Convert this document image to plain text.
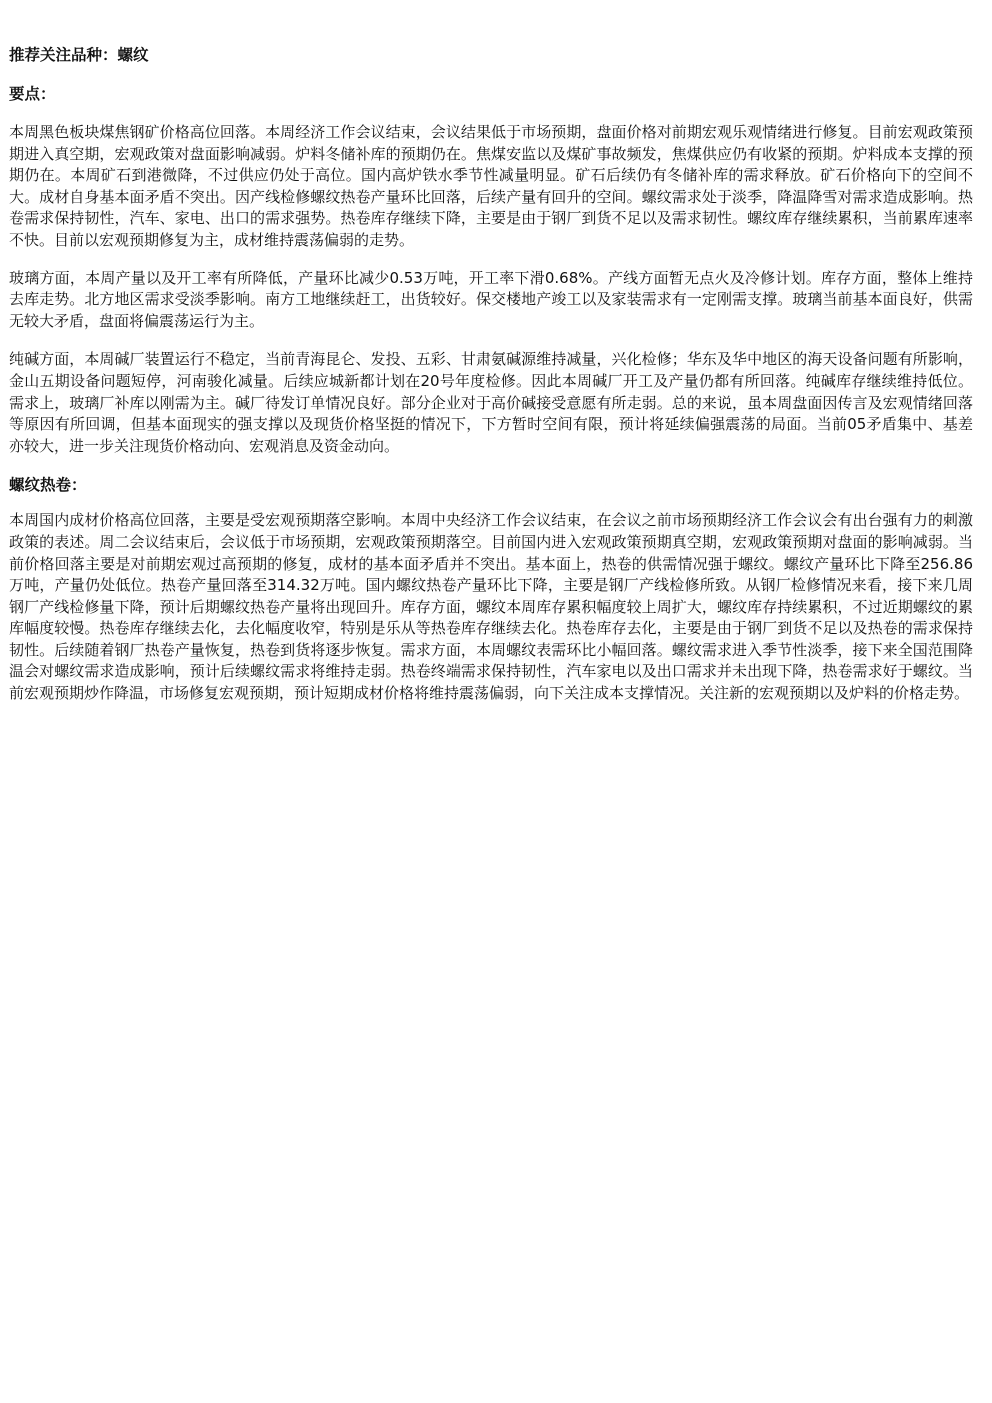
推荐关注品种：螺纹
要点：

本周黑色板块煤焦钢矿价格高位回落。本周经济工作会议结束，会议结果低于市场预期，盘面价格对前期宏观乐观情绪进行修复。目前宏观政策预期进入真空期，宏观政策对盘面影响减弱。炉料冬储补库的预期仍在。焦煤安监以及煤矿事故频发，焦煤供应仍有收紧的预期。炉料成本支撑的预期仍在。本周矿石到港微降，不过供应仍处于高位。国内高炉铁水季节性减量明显。矿石后续仍有冬储补库的需求释放。矿石价格向下的空间不大。成材自身基本面矛盾不突出。因产线检修螺纹热卷产量环比回落，后续产量有回升的空间。螺纹需求处于淡季，降温降雪对需求造成影响。热卷需求保持韧性，汽车、家电、出口的需求强势。热卷库存继续下降，主要是由于钢厂到货不足以及需求韧性。螺纹库存继续累积，当前累库速率不快。目前以宏观预期修复为主，成材维持震荡偏弱的走势。

玻璃方面，本周产量以及开工率有所降低，产量环比减少0.53万吨，开工率下滑0.68%。产线方面暂无点火及冷修计划。库存方面，整体上维持去库走势。北方地区需求受淡季影响。南方工地继续赶工，出货较好。保交楼地产竣工以及家装需求有一定刚需支撑。玻璃当前基本面良好，供需无较大矛盾，盘面将偏震荡运行为主。

纯碱方面，本周碱厂装置运行不稳定，当前青海昆仑、发投、五彩、甘肃氨碱源维持减量，兴化检修；华东及华中地区的海天设备问题有所影响，金山五期设备问题短停，河南骏化减量。后续应城新都计划在20号年度检修。因此本周碱厂开工及产量仍都有所回落。纯碱库存继续维持低位。需求上，玻璃厂补库以刚需为主。碱厂待发订单情况良好。部分企业对于高价碱接受意愿有所走弱。总的来说，虽本周盘面因传言及宏观情绪回落等原因有所回调，但基本面现实的强支撑以及现货价格坚挺的情况下，下方暂时空间有限，预计将延续偏强震荡的局面。当前05矛盾集中、基差亦较大，进一步关注现货价格动向、宏观消息及资金动向。

螺纹热卷：

本周国内成材价格高位回落，主要是受宏观预期落空影响。本周中央经济工作会议结束，在会议之前市场预期经济工作会议会有出台强有力的刺激政策的表述。周二会议结束后，会议低于市场预期，宏观政策预期落空。目前国内进入宏观政策预期真空期，宏观政策预期对盘面的影响减弱。当前价格回落主要是对前期宏观过高预期的修复，成材的基本面矛盾并不突出。基本面上，热卷的供需情况强于螺纹。螺纹产量环比下降至256.86万吨，产量仍处低位。热卷产量回落至314.32万吨。国内螺纹热卷产量环比下降，主要是钢厂产线检修所致。从钢厂检修情况来看，接下来几周钢厂产线检修量下降，预计后期螺纹热卷产量将出现回升。库存方面，螺纹本周库存累积幅度较上周扩大，螺纹库存持续累积，不过近期螺纹的累库幅度较慢。热卷库存继续去化，去化幅度收窄，特别是乐从等热卷库存继续去化。热卷库存去化，主要是由于钢厂到货不足以及热卷的需求保持韧性。后续随着钢厂热卷产量恢复，热卷到货将逐步恢复。需求方面，本周螺纹表需环比小幅回落。螺纹需求进入季节性淡季，接下来全国范围降温会对螺纹需求造成影响，预计后续螺纹需求将维持走弱。热卷终端需求保持韧性，汽车家电以及出口需求并未出现下降，热卷需求好于螺纹。当前宏观预期炒作降温，市场修复宏观预期，预计短期成材价格将维持震荡偏弱，向下关注成本支撑情况。关注新的宏观预期以及炉料的价格走势。
